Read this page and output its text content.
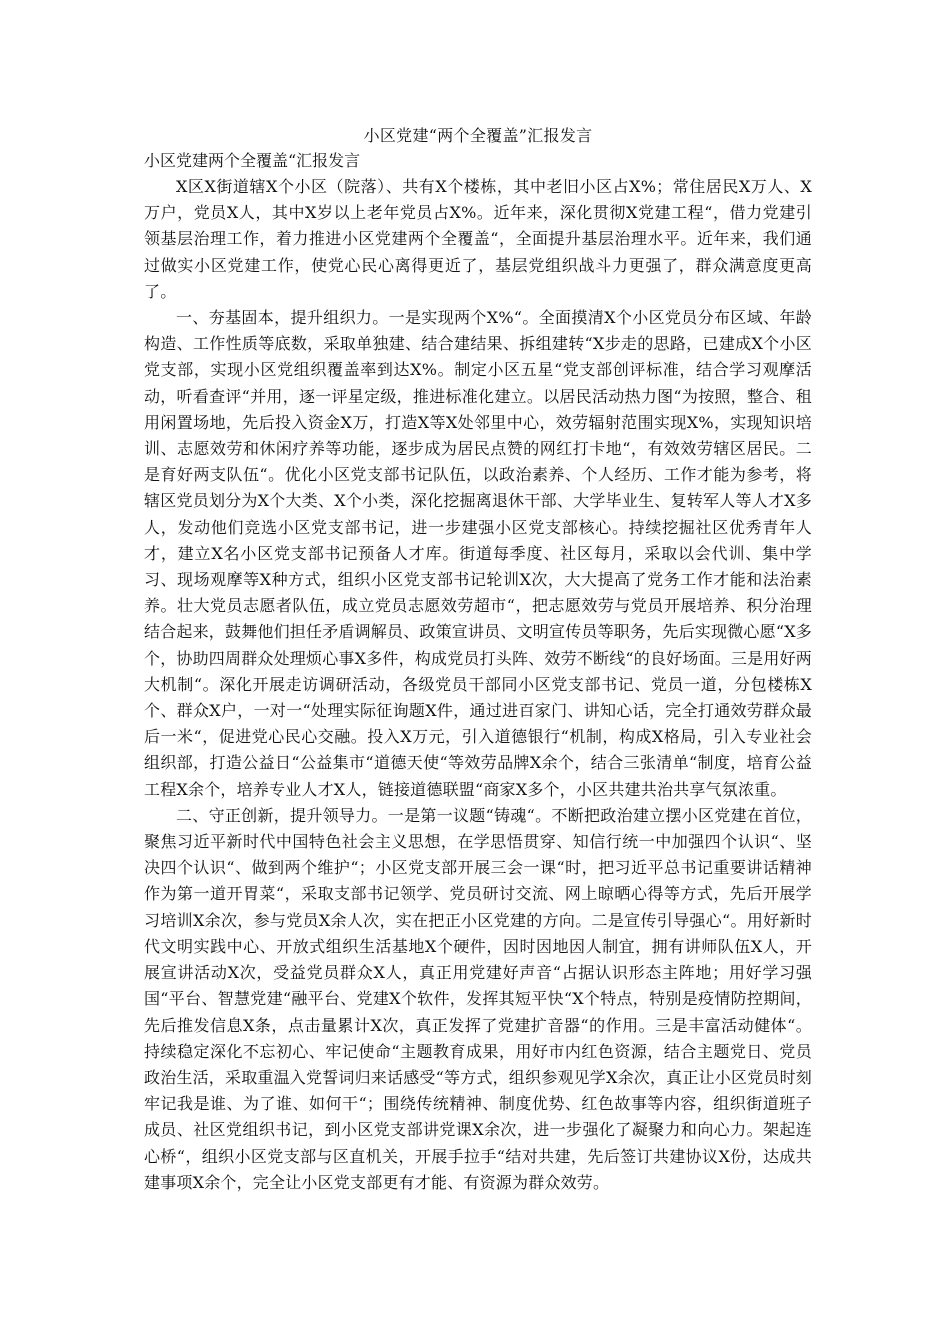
小区党建“两个全覆盖”汇报发言
小区党建两个全覆盖“汇报发言

X区X街道辖X个小区（院落）、共有X个楼栋，其中老旧小区占X%；常住居民X万人、X万户，党员X人，其中X岁以上老年党员占X%。近年来，深化贯彻X党建工程“，借力党建引领基层治理工作，着力推进小区党建两个全覆盖“，全面提升基层治理水平。近年来，我们通过做实小区党建工作，使党心民心离得更近了，基层党组织战斗力更强了，群众满意度更高了。

一、夯基固本，提升组织力。一是实现两个X%“。全面摸清X个小区党员分布区域、年龄构造、工作性质等底数，采取单独建、结合建结果、拆组建转“X步走的思路，已建成X个小区党支部，实现小区党组织覆盖率到达X%。制定小区五星“党支部创评标准，结合学习观摩活动，听看查评“并用，逐一评星定级，推进标准化建立。以居民活动热力图“为按照，整合、租用闲置场地，先后投入资金X万，打造X等X处邻里中心，效劳辐射范围实现X%，实现知识培训、志愿效劳和休闲疗养等功能，逐步成为居民点赞的网红打卡地“，有效效劳辖区居民。二是育好两支队伍“。优化小区党支部书记队伍，以政治素养、个人经历、工作才能为参考，将辖区党员划分为X个大类、X个小类，深化挖掘离退休干部、大学毕业生、复转军人等人才X多人，发动他们竞选小区党支部书记，进一步建强小区党支部核心。持续挖掘社区优秀青年人才，建立X名小区党支部书记预备人才库。街道每季度、社区每月，采取以会代训、集中学习、现场观摩等X种方式，组织小区党支部书记轮训X次，大大提高了党务工作才能和法治素养。壮大党员志愿者队伍，成立党员志愿效劳超市“，把志愿效劳与党员开展培养、积分治理结合起来，鼓舞他们担任矛盾调解员、政策宣讲员、文明宣传员等职务，先后实现微心愿“X多个，协助四周群众处理烦心事X多件，构成党员打头阵、效劳不断线“的良好场面。三是用好两大机制“。深化开展走访调研活动，各级党员干部同小区党支部书记、党员一道，分包楼栋X个、群众X户，一对一“处理实际征询题X件，通过进百家门、讲知心话，完全打通效劳群众最后一米“，促进党心民心交融。投入X万元，引入道德银行“机制，构成X格局，引入专业社会组织部，打造公益日“公益集市“道德天使“等效劳品牌X余个，结合三张清单“制度，培育公益工程X余个，培养专业人才X人，链接道德联盟“商家X多个，小区共建共治共享气氛浓重。

二、守正创新，提升领导力。一是第一议题“铸魂“。不断把政治建立摆小区党建在首位，聚焦习近平新时代中国特色社会主义思想，在学思悟贯穿、知信行统一中加强四个认识“、坚决四个认识“、做到两个维护“；小区党支部开展三会一课“时，把习近平总书记重要讲话精神作为第一道开胃菜“，采取支部书记领学、党员研讨交流、网上晾晒心得等方式，先后开展学习培训X余次，参与党员X余人次，实在把正小区党建的方向。二是宣传引导强心“。用好新时代文明实践中心、开放式组织生活基地X个硬件，因时因地因人制宜，拥有讲师队伍X人，开展宣讲活动X次，受益党员群众X人，真正用党建好声音“占据认识形态主阵地；用好学习强国“平台、智慧党建“融平台、党建X个软件，发挥其短平快“X个特点，特别是疫情防控期间，先后推发信息X条，点击量累计X次，真正发挥了党建扩音器“的作用。三是丰富活动健体“。持续稳定深化不忘初心、牢记使命“主题教育成果，用好市内红色资源，结合主题党日、党员政治生活，采取重温入党誓词归来话感受“等方式，组织参观见学X余次，真正让小区党员时刻牢记我是谁、为了谁、如何干“；围绕传统精神、制度优势、红色故事等内容，组织街道班子成员、社区党组织书记，到小区党支部讲党课X余次，进一步强化了凝聚力和向心力。架起连心桥“，组织小区党支部与区直机关，开展手拉手“结对共建，先后签订共建协议X份，达成共建事项X余个，完全让小区党支部更有才能、有资源为群众效劳。
